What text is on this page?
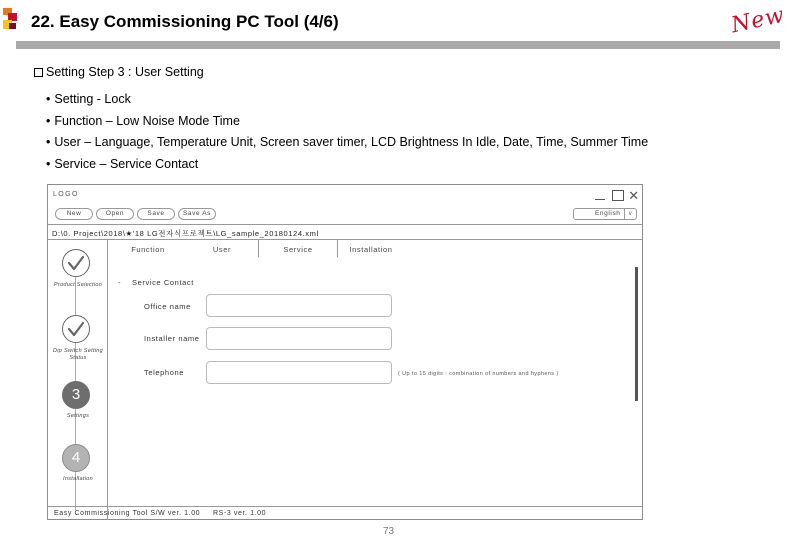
22. Easy Commissioning PC Tool (4/6)	New
Setting Step 3 : User Setting
• Setting - Lock
• Function – Low Noise Mode Time
• User – Language, Temperature Unit, Screen saver timer, LCD Brightness In Idle, Date, Time, Summer Time
• Service – Service Contact
LOGO	✕
New	Open	Save	Save As	English	∨
D:\0. Project\2018\★'18 LG전자식프로젝트\LG_sample_20180124.xml
Product Selection
Dip Switch Setting Status
3
Settings
4
Installation
Function	User	Service	Installation
- Service Contact
Office name
Installer name
Telephone	( Up to 15 digits : combination of numbers and hyphens )
Easy Commissioning Tool S/W ver. 1.00 RS-3 ver. 1.00
73
